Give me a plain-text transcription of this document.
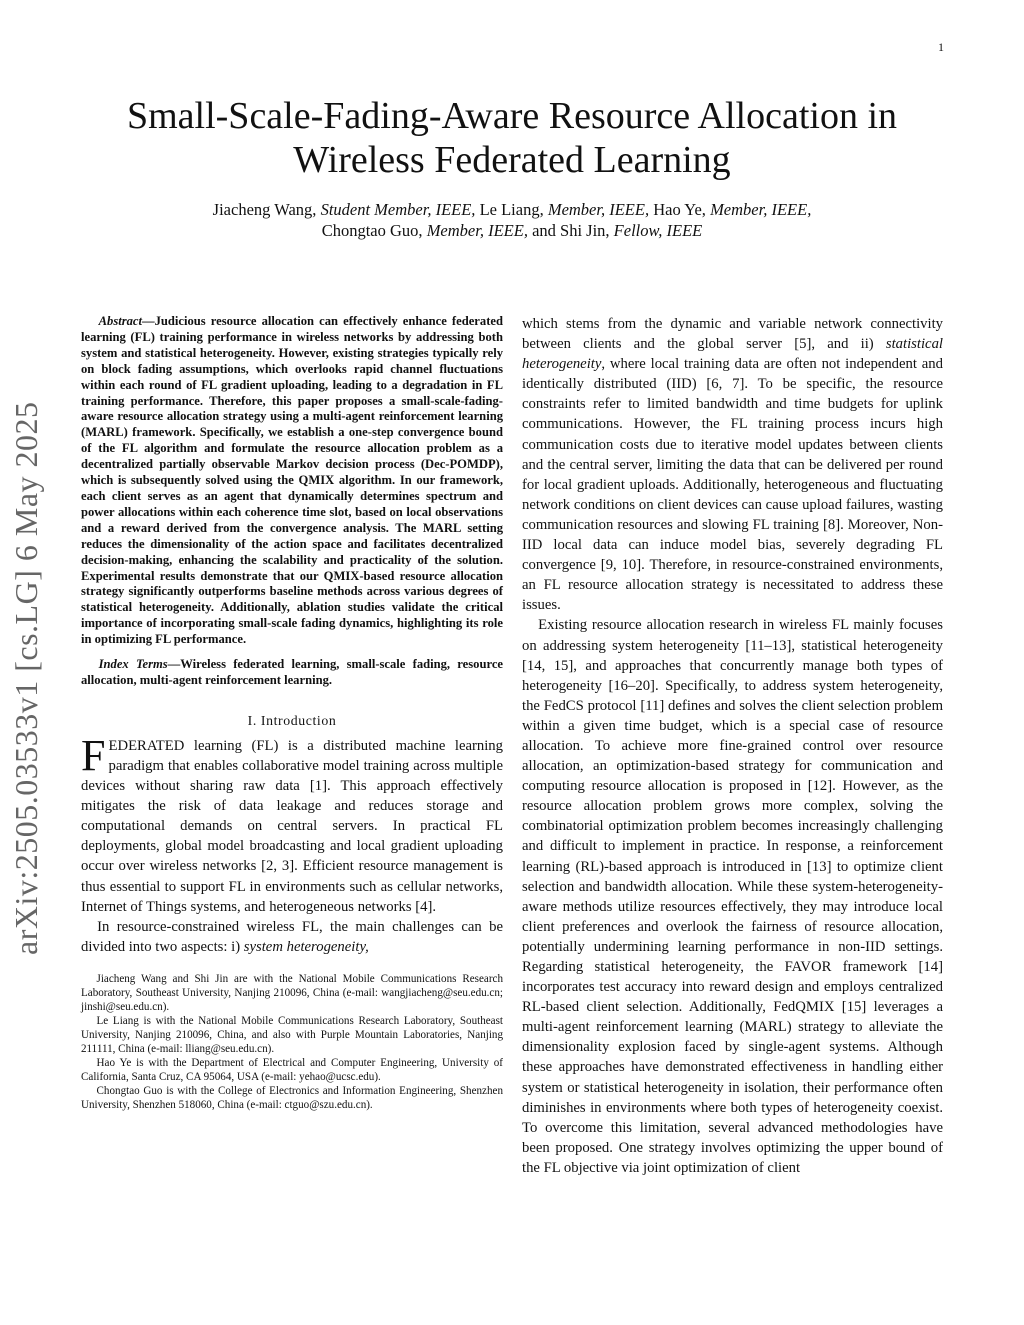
1
arXiv:2505.03533v1 [cs.LG] 6 May 2025
Small-Scale-Fading-Aware Resource Allocation in Wireless Federated Learning
Jiacheng Wang, Student Member, IEEE, Le Liang, Member, IEEE, Hao Ye, Member, IEEE,
Chongtao Guo, Member, IEEE, and Shi Jin, Fellow, IEEE

Abstract—Judicious resource allocation can effectively enhance federated learning (FL) training performance in wireless networks by addressing both system and statistical heterogeneity. However, existing strategies typically rely on block fading assumptions, which overlooks rapid channel fluctuations within each round of FL gradient uploading, leading to a degradation in FL training performance. Therefore, this paper proposes a small-scale-fading-aware resource allocation strategy using a multi-agent reinforcement learning (MARL) framework. Specifically, we establish a one-step convergence bound of the FL algorithm and formulate the resource allocation problem as a decentralized partially observable Markov decision process (Dec-POMDP), which is subsequently solved using the QMIX algorithm. In our framework, each client serves as an agent that dynamically determines spectrum and power allocations within each coherence time slot, based on local observations and a reward derived from the convergence analysis. The MARL setting reduces the dimensionality of the action space and facilitates decentralized decision-making, enhancing the scalability and practicality of the solution. Experimental results demonstrate that our QMIX-based resource allocation strategy significantly outperforms baseline methods across various degrees of statistical heterogeneity. Additionally, ablation studies validate the critical importance of incorporating small-scale fading dynamics, highlighting its role in optimizing FL performance.

Index Terms—Wireless federated learning, small-scale fading, resource allocation, multi-agent reinforcement learning.

I. Introduction

FEDERATED learning (FL) is a distributed machine learning paradigm that enables collaborative model training across multiple devices without sharing raw data [1]. This approach effectively mitigates the risk of data leakage and reduces storage and computational demands on central servers. In practical FL deployments, global model broadcasting and local gradient uploading occur over wireless networks [2, 3]. Efficient resource management is thus essential to support FL in environments such as cellular networks, Internet of Things systems, and heterogeneous networks [4].

In resource-constrained wireless FL, the main challenges can be divided into two aspects: i) system heterogeneity,

Jiacheng Wang and Shi Jin are with the National Mobile Communications Research Laboratory, Southeast University, Nanjing 210096, China (e-mail: wangjiacheng@seu.edu.cn; jinshi@seu.edu.cn).

Le Liang is with the National Mobile Communications Research Laboratory, Southeast University, Nanjing 210096, China, and also with Purple Mountain Laboratories, Nanjing 211111, China (e-mail: lliang@seu.edu.cn).

Hao Ye is with the Department of Electrical and Computer Engineering, University of California, Santa Cruz, CA 95064, USA (e-mail: yehao@ucsc.edu).

Chongtao Guo is with the College of Electronics and Information Engineering, Shenzhen University, Shenzhen 518060, China (e-mail: ctguo@szu.edu.cn).

which stems from the dynamic and variable network connectivity between clients and the global server [5], and ii) statistical heterogeneity, where local training data are often not independent and identically distributed (IID) [6, 7]. To be specific, the resource constraints refer to limited bandwidth and time budgets for uplink communications. However, the FL training process incurs high communication costs due to iterative model updates between clients and the central server, limiting the data that can be delivered per round for local gradient uploads. Additionally, heterogeneous and fluctuating network conditions on client devices can cause upload failures, wasting communication resources and slowing FL training [8]. Moreover, Non-IID local data can induce model bias, severely degrading FL convergence [9, 10]. Therefore, in resource-constrained environments, an FL resource allocation strategy is necessitated to address these issues.

Existing resource allocation research in wireless FL mainly focuses on addressing system heterogeneity [11–13], statistical heterogeneity [14, 15], and approaches that concurrently manage both types of heterogeneity [16–20]. Specifically, to address system heterogeneity, the FedCS protocol [11] defines and solves the client selection problem within a given time budget, which is a special case of resource allocation. To achieve more fine-grained control over resource allocation, an optimization-based strategy for communication and computing resource allocation is proposed in [12]. However, as the resource allocation problem grows more complex, solving the combinatorial optimization problem becomes increasingly challenging and difficult to implement in practice. In response, a reinforcement learning (RL)-based approach is introduced in [13] to optimize client selection and bandwidth allocation. While these system-heterogeneity-aware methods utilize resources effectively, they may introduce local client preferences and overlook the fairness of resource allocation, potentially undermining learning performance in non-IID settings. Regarding statistical heterogeneity, the FAVOR framework [14] incorporates test accuracy into reward design and employs centralized RL-based client selection. Additionally, FedQMIX [15] leverages a multi-agent reinforcement learning (MARL) strategy to alleviate the dimensionality explosion faced by single-agent systems. Although these approaches have demonstrated effectiveness in handling either system or statistical heterogeneity in isolation, their performance often diminishes in environments where both types of heterogeneity coexist. To overcome this limitation, several advanced methodologies have been proposed. One strategy involves optimizing the upper bound of the FL objective via joint optimization of client
